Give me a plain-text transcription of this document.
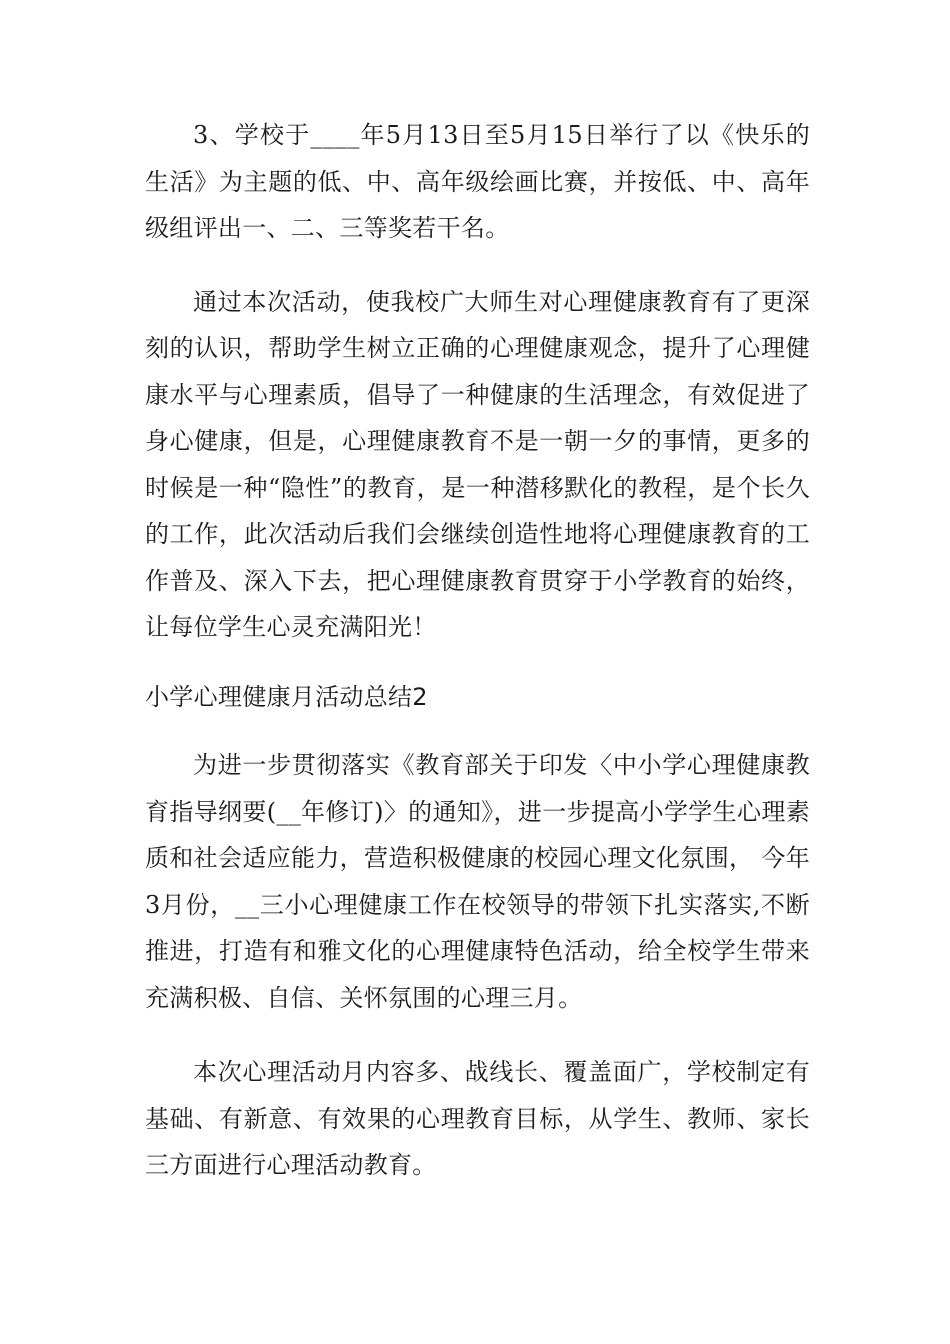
3、学校于____年5月13日至5月15日举行了以《快乐的生活》为主题的低、中、高年级绘画比赛，并按低、中、高年级组评出一、二、三等奖若干名。

通过本次活动，使我校广大师生对心理健康教育有了更深刻的认识，帮助学生树立正确的心理健康观念，提升了心理健康水平与心理素质，倡导了一种健康的生活理念，有效促进了身心健康，但是，心理健康教育不是一朝一夕的事情，更多的时候是一种“隐性”的教育，是一种潜移默化的教程，是个长久的工作，此次活动后我们会继续创造性地将心理健康教育的工作普及、深入下去，把心理健康教育贯穿于小学教育的始终，让每位学生心灵充满阳光！

小学心理健康月活动总结2

为进一步贯彻落实《教育部关于印发〈中小学心理健康教育指导纲要(__年修订)〉的通知》，进一步提高小学学生心理素质和社会适应能力，营造积极健康的校园心理文化氛围， 今年3月份，__三小心理健康工作在校领导的带领下扎实落实,不断推进，打造有和雅文化的心理健康特色活动，给全校学生带来充满积极、自信、关怀氛围的心理三月。

本次心理活动月内容多、战线长、覆盖面广，学校制定有基础、有新意、有效果的心理教育目标，从学生、教师、家长三方面进行心理活动教育。
